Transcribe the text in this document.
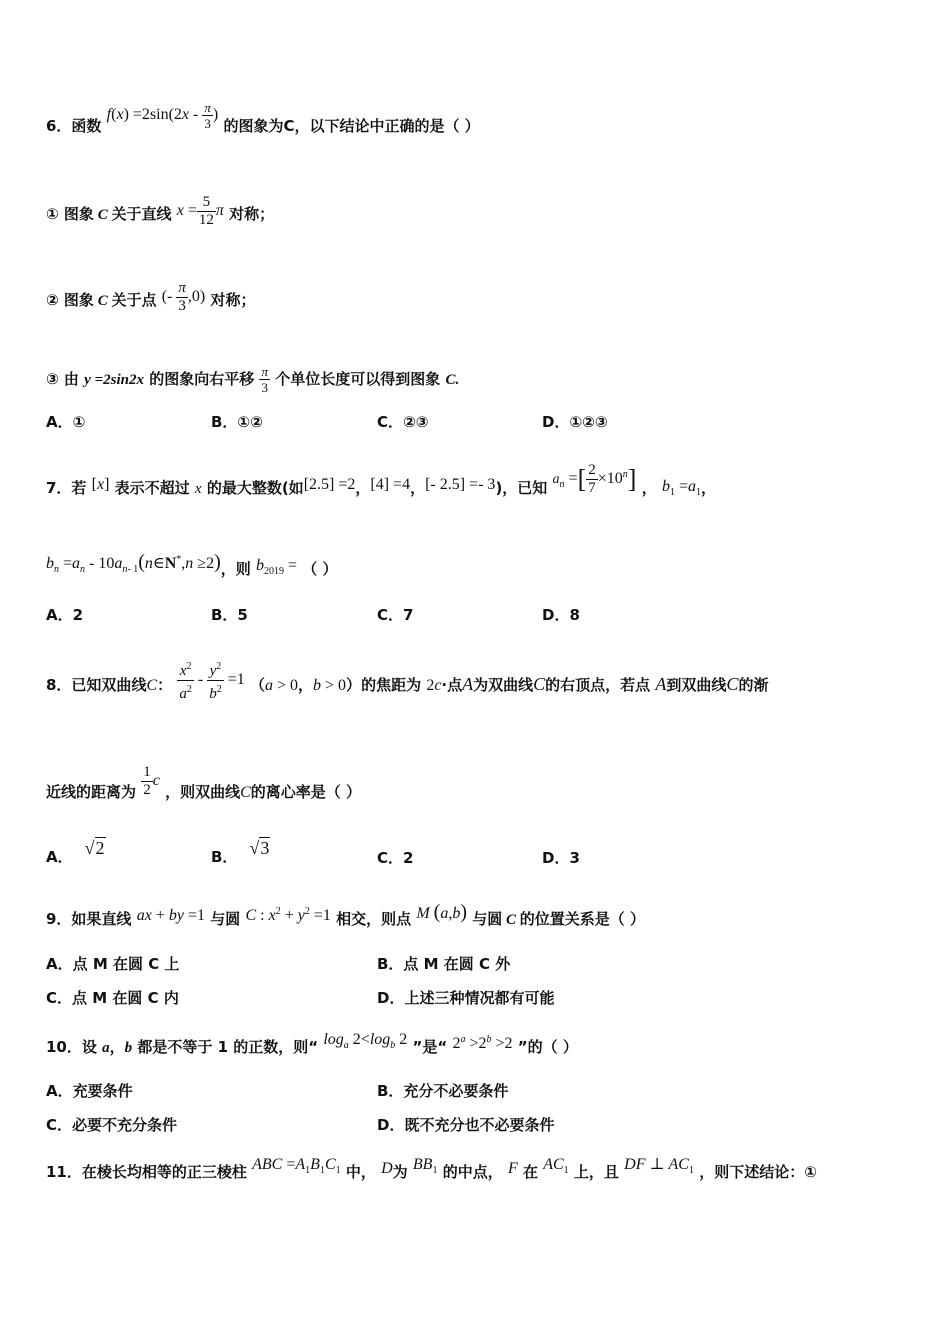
6．函数 $f(x) =2\sin(2x - \frac{\pi}{3}$ ) 的图象为C，以下结论中正确的是（ ）
① 图象 C 关于直线 $x = \frac{5}{12}$ π 对称；
② 图象 C 关于点 (- $\frac{\pi}{3} ,0$) 对称；
③ 由 y =2sin2x 的图象向右平移 $\frac{\pi}{3}$ 个单位长度可以得到图象 C.
A．①	B．①②	C．②③	D．①②③
7．若 [x] 表示不超过 x 的最大整数(如[2.5] =2，[4] =4，[- 2.5] =- 3)，已知 $a_n$ =[ $\frac{2}{7} \times 10^n$] ， $b_1 =a_1$，
$b_n =a_n$ - $10a_{n- 1}(n\in N^*,n \ge 2)$，则 $b_{2019}$ = （ ）
A．2	B．5	C．7	D．8
8．已知双曲线C： $\frac{x^2}{a^2} - \frac{y^2}{b^2} =1$ （a > 0，b > 0）的焦距为 2c·点A为双曲线C的右顶点，若点 A到双曲线C的渐
近线的距离为 $\frac{1}{2}$ c ，则双曲线C的离心率是（ ）
A． √2	B． √3	C．2	D．3
9．如果直线 ax + by =1 与圆 C : $x^2 + y^2 =1$ 相交，则点 M (a,b) 与圆 C 的位置关系是（ ）
A．点 M 在圆 C 上	B．点 M 在圆 C 外
C．点 M 在圆 C 内	D．上述三种情况都有可能
10．设 a，b 都是不等于 1 的正数，则“ $\log_a 2<\log_b$ 2 ”是“ $2^a >2^b >2$ ”的（ ）
A．充要条件	B．充分不必要条件
C．必要不充分条件	D．既不充分也不必要条件
11．在棱长均相等的正三棱柱 ABC $=A_1B_1C_1$ 中， D为 $BB_1$ 的中点， F 在 $AC_1$ 上，且 DF ⊥ $AC_1$ ，则下述结论：①
